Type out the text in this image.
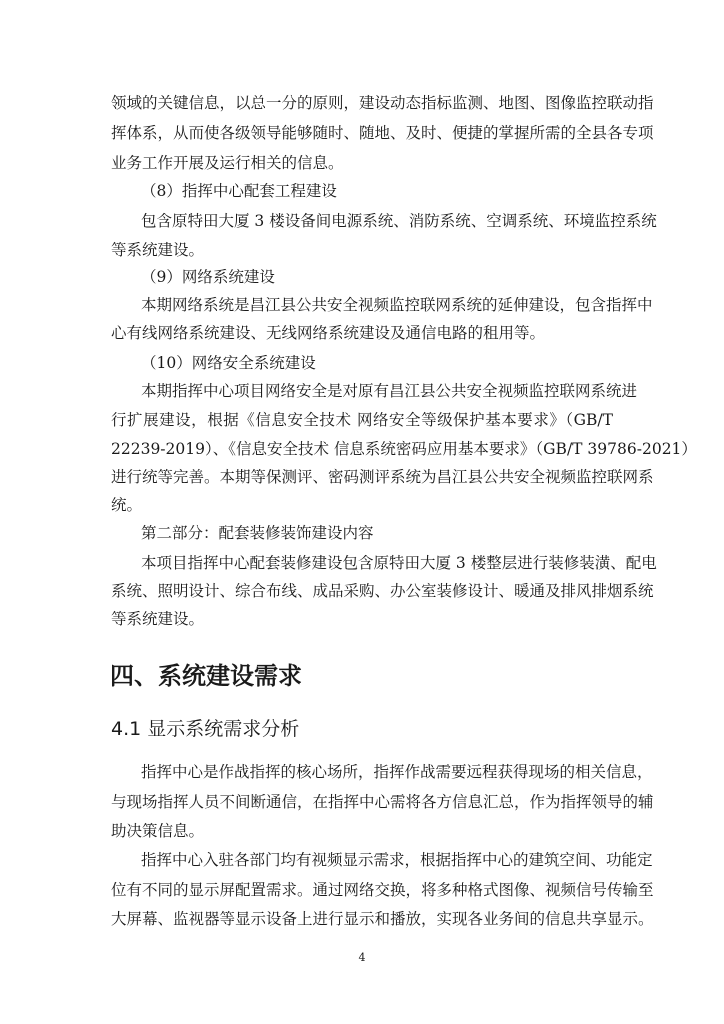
领域的关键信息，以总一分的原则，建设动态指标监测、地图、图像监控联动指
挥体系，从而使各级领导能够随时、随地、及时、便捷的掌握所需的全县各专项
业务工作开展及运行相关的信息。
（8）指挥中心配套工程建设
包含原特田大厦 3 楼设备间电源系统、消防系统、空调系统、环境监控系统
等系统建设。
（9）网络系统建设
本期网络系统是昌江县公共安全视频监控联网系统的延伸建设，包含指挥中
心有线网络系统建设、无线网络系统建设及通信电路的租用等。
（10）网络安全系统建设
本期指挥中心项目网络安全是对原有昌江县公共安全视频监控联网系统进
行扩展建设，根据《信息安全技术 网络安全等级保护基本要求》（GB/T
22239-2019）、《信息安全技术 信息系统密码应用基本要求》（GB/T 39786-2021）
进行统等完善。本期等保测评、密码测评系统为昌江县公共安全视频监控联网系
统。
第二部分：配套装修装饰建设内容
本项目指挥中心配套装修建设包含原特田大厦 3 楼整层进行装修装潢、配电
系统、照明设计、综合布线、成品采购、办公室装修设计、暖通及排风排烟系统
等系统建设。
四、系统建设需求
4.1 显示系统需求分析
指挥中心是作战指挥的核心场所，指挥作战需要远程获得现场的相关信息，
与现场指挥人员不间断通信，在指挥中心需将各方信息汇总，作为指挥领导的辅
助决策信息。
指挥中心入驻各部门均有视频显示需求，根据指挥中心的建筑空间、功能定
位有不同的显示屏配置需求。通过网络交换，将多种格式图像、视频信号传输至
大屏幕、监视器等显示设备上进行显示和播放，实现各业务间的信息共享显示。
4
